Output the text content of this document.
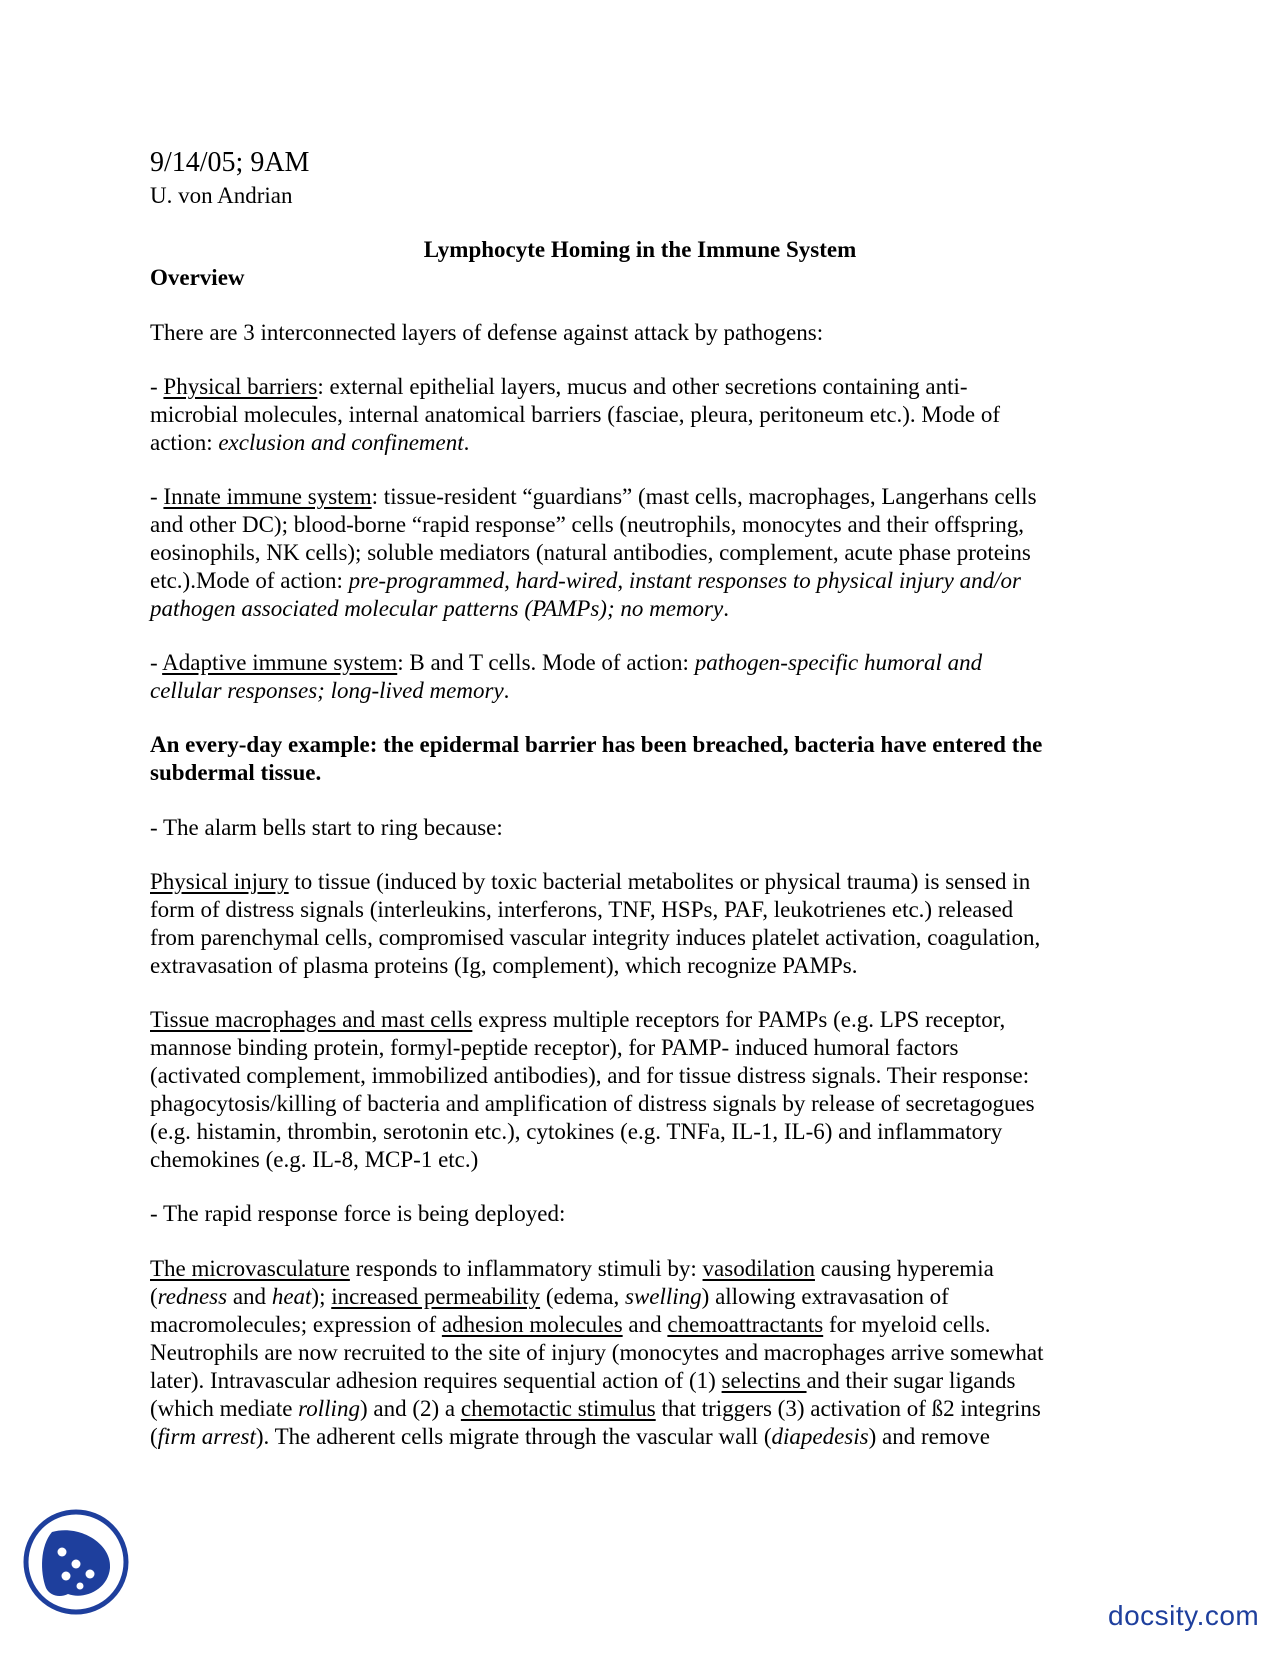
9/14/05; 9AM
U. von Andrian
Lymphocyte Homing in the Immune System
Overview
There are 3 interconnected layers of defense against attack by pathogens:
- Physical barriers: external epithelial layers, mucus and other secretions containing anti-
microbial molecules, internal anatomical barriers (fasciae, pleura, peritoneum etc.). Mode of
action: exclusion and confinement.
- Innate immune system: tissue-resident “guardians” (mast cells, macrophages, Langerhans cells
and other DC); blood-borne “rapid response” cells (neutrophils, monocytes and their offspring,
eosinophils, NK cells); soluble mediators (natural antibodies, complement, acute phase proteins
etc.).Mode of action: pre-programmed, hard-wired, instant responses to physical injury and/or
pathogen associated molecular patterns (PAMPs); no memory.
- Adaptive immune system: B and T cells. Mode of action: pathogen-specific humoral and
cellular responses; long-lived memory.
An every-day example: the epidermal barrier has been breached, bacteria have entered the
subdermal tissue.
- The alarm bells start to ring because:
Physical injury to tissue (induced by toxic bacterial metabolites or physical trauma) is sensed in
form of distress signals (interleukins, interferons, TNF, HSPs, PAF, leukotrienes etc.) released
from parenchymal cells, compromised vascular integrity induces platelet activation, coagulation,
extravasation of plasma proteins (Ig, complement), which recognize PAMPs.
Tissue macrophages and mast cells express multiple receptors for PAMPs (e.g. LPS receptor,
mannose binding protein, formyl-peptide receptor), for PAMP- induced humoral factors
(activated complement, immobilized antibodies), and for tissue distress signals. Their response:
phagocytosis/killing of bacteria and amplification of distress signals by release of secretagogues
(e.g. histamin, thrombin, serotonin etc.), cytokines (e.g. TNFa, IL-1, IL-6) and inflammatory
chemokines (e.g. IL-8, MCP-1 etc.)
- The rapid response force is being deployed:
The microvasculature responds to inflammatory stimuli by: vasodilation causing hyperemia
(redness and heat); increased permeability (edema, swelling) allowing extravasation of
macromolecules; expression of adhesion molecules and chemoattractants for myeloid cells.
Neutrophils are now recruited to the site of injury (monocytes and macrophages arrive somewhat
later). Intravascular adhesion requires sequential action of (1) selectins and their sugar ligands
(which mediate rolling) and (2) a chemotactic stimulus that triggers (3) activation of ß2 integrins
(firm arrest). The adherent cells migrate through the vascular wall (diapedesis) and remove
docsity.com
